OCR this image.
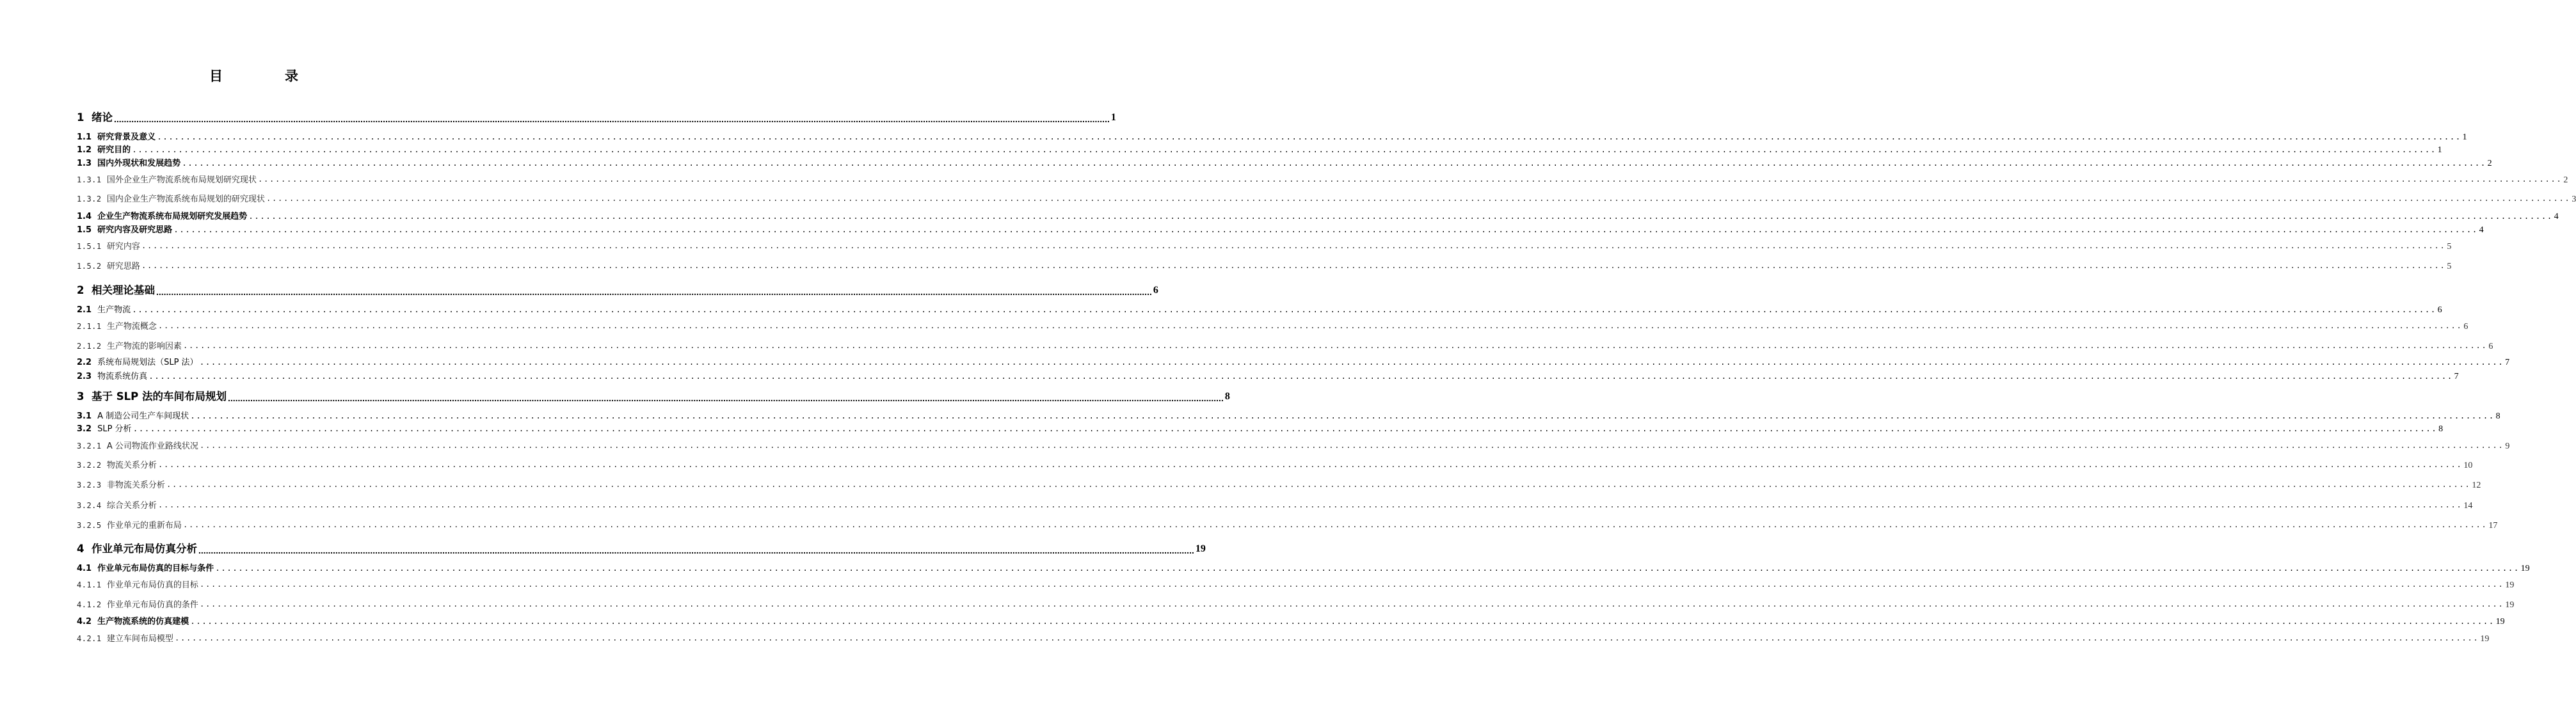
目　录
1 绪论 ................................................................................................................................................................................................................................................................................................................................................................................................................ 1
1.1 研究背景及意义 ................................................................................................................................................................................................................................................................................................................................................................................................................ 1
1.2 研究目的 ................................................................................................................................................................................................................................................................................................................................................................................................................ 1
1.3 国内外现状和发展趋势 ................................................................................................................................................................................................................................................................................................................................................................................................................ 2
1.3.1 国外企业生产物流系统布局规划研究现状 ................................................................................................................................................................................................................................................................................................................................................................................................................ 2
1.3.2 国内企业生产物流系统布局规划的研究现状 ................................................................................................................................................................................................................................................................................................................................................................................................................ 3
1.4 企业生产物流系统布局规划研究发展趋势 ................................................................................................................................................................................................................................................................................................................................................................................................................ 4
1.5 研究内容及研究思路 ................................................................................................................................................................................................................................................................................................................................................................................................................ 4
1.5.1 研究内容 ................................................................................................................................................................................................................................................................................................................................................................................................................ 5
1.5.2 研究思路 ................................................................................................................................................................................................................................................................................................................................................................................................................ 5
2 相关理论基础 ................................................................................................................................................................................................................................................................................................................................................................................................................ 6
2.1 生产物流 ................................................................................................................................................................................................................................................................................................................................................................................................................ 6
2.1.1 生产物流概念 ................................................................................................................................................................................................................................................................................................................................................................................................................ 6
2.1.2 生产物流的影响因素 ................................................................................................................................................................................................................................................................................................................................................................................................................ 6
2.2 系统布局规划法（SLP 法） ................................................................................................................................................................................................................................................................................................................................................................................................................ 7
2.3 物流系统仿真 ................................................................................................................................................................................................................................................................................................................................................................................................................ 7
3 基于 SLP 法的车间布局规划 ................................................................................................................................................................................................................................................................................................................................................................................................................ 8
3.1 A 制造公司生产车间现状 ................................................................................................................................................................................................................................................................................................................................................................................................................ 8
3.2 SLP 分析 ................................................................................................................................................................................................................................................................................................................................................................................................................ 8
3.2.1 A 公司物流作业路线状况 ................................................................................................................................................................................................................................................................................................................................................................................................................ 9
3.2.2 物流关系分析 ................................................................................................................................................................................................................................................................................................................................................................................................................ 10
3.2.3 非物流关系分析 ................................................................................................................................................................................................................................................................................................................................................................................................................ 12
3.2.4 综合关系分析 ................................................................................................................................................................................................................................................................................................................................................................................................................ 14
3.2.5 作业单元的重新布局 ................................................................................................................................................................................................................................................................................................................................................................................................................ 17
4 作业单元布局仿真分析 ................................................................................................................................................................................................................................................................................................................................................................................................................ 19
4.1 作业单元布局仿真的目标与条件 ................................................................................................................................................................................................................................................................................................................................................................................................................ 19
4.1.1 作业单元布局仿真的目标 ................................................................................................................................................................................................................................................................................................................................................................................................................ 19
4.1.2 作业单元布局仿真的条件 ................................................................................................................................................................................................................................................................................................................................................................................................................ 19
4.2 生产物流系统的仿真建模 ................................................................................................................................................................................................................................................................................................................................................................................................................ 19
4.2.1 建立车间布局模型 ................................................................................................................................................................................................................................................................................................................................................................................................................ 19
